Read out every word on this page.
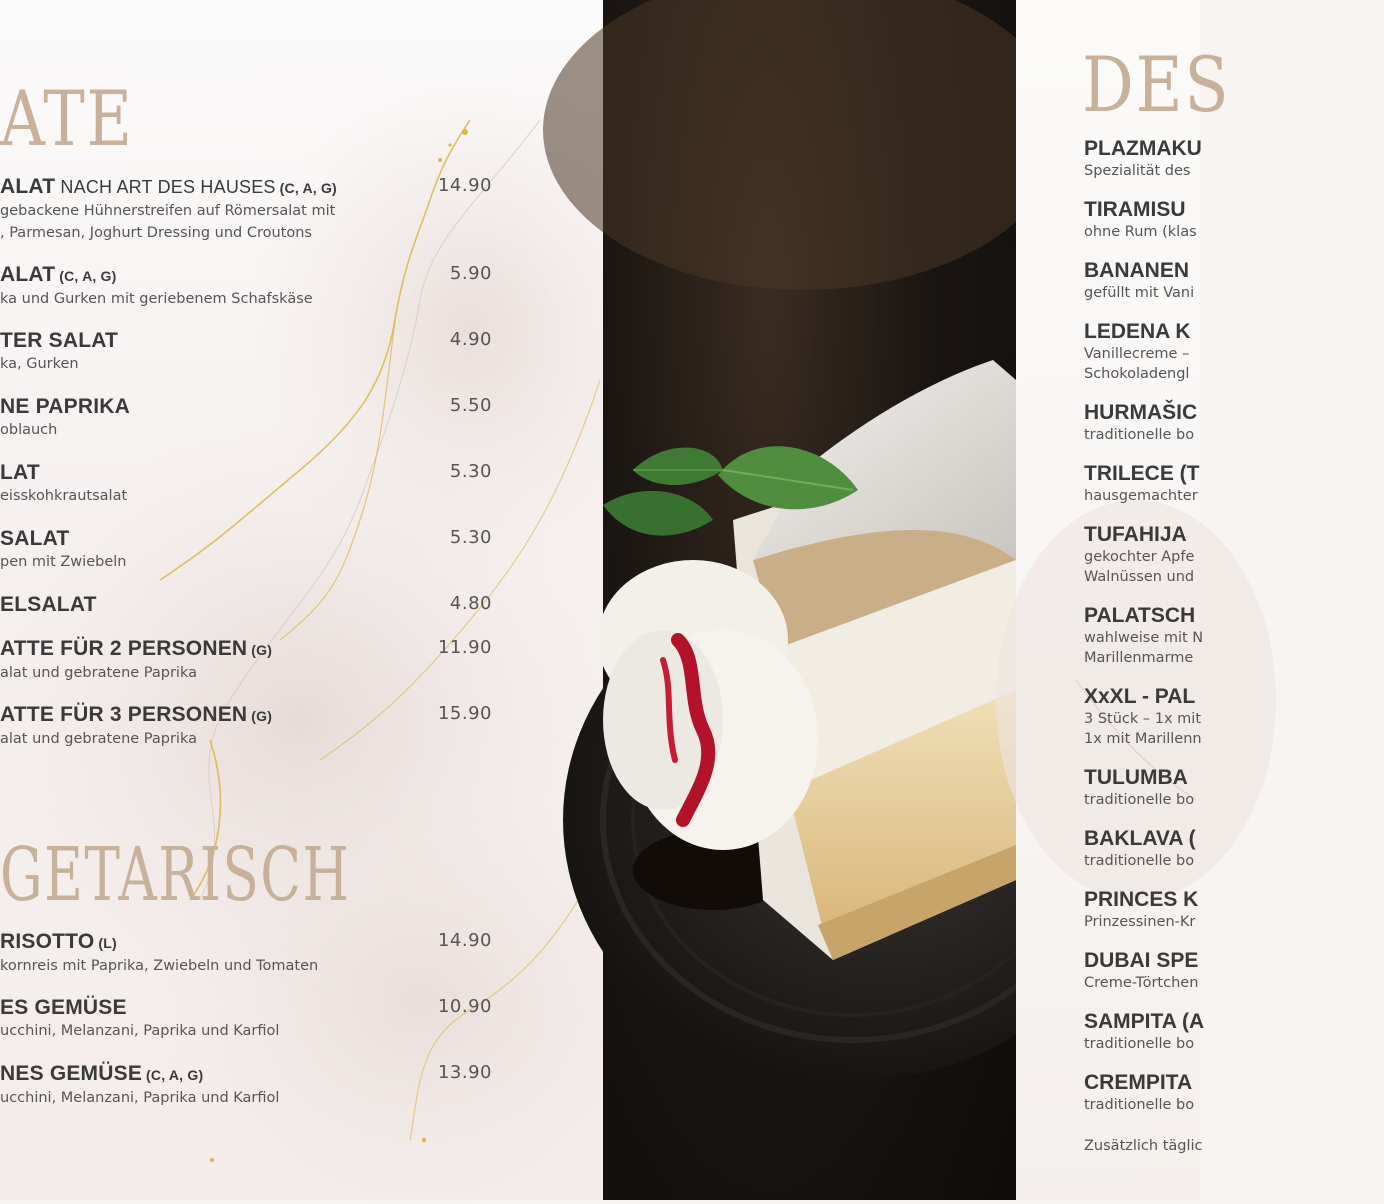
ATE
ALAT NACH ART DES HAUSES (C, A, G)
gebackene Hühnerstreifen auf Römersalat mit
, Parmesan, Joghurt Dressing und Croutons
14.90
ALAT (C, A, G)
ka und Gurken mit geriebenem Schafskäse
5.90
TER SALAT
ka, Gurken
4.90
NE PAPRIKA
oblauch
5.50
LAT
eisskohkrautsalat
5.30
SALAT
pen mit Zwiebeln
5.30
ELSALAT	4.80
ATTE FÜR 2 PERSONEN (G)
alat und gebratene Paprika
11.90
ATTE FÜR 3 PERSONEN (G)
alat und gebratene Paprika
15.90
GETARISCH
RISOTTO (L)
kornreis mit Paprika, Zwiebeln und Tomaten
14.90
ES GEMÜSE
ucchini, Melanzani, Paprika und Karfiol
10.90
NES GEMÜSE (C, A, G)
ucchini, Melanzani, Paprika und Karfiol
13.90
DES
PLAZMAKU
Spezialität des
TIRAMISU
ohne Rum (klas
BANANEN
gefüllt mit Vani
LEDENA K
Vanillecreme –
Schokoladengl
HURMAŠIC
traditionelle bo
TRILECE (T
hausgemachter
TUFAHIJA
gekochter Apfe
Walnüssen und
PALATSCH
wahlweise mit N
Marillenmarme
XxXL - PAL
3 Stück – 1x mit
1x mit Marillenn
TULUMBA
traditionelle bo
BAKLAVA (
traditionelle bo
PRINCES K
Prinzessinen-Kr
DUBAI SPE
Creme-Törtchen
SAMPITA (A
traditionelle bo
CREMPITA
traditionelle bo
Zusätzlich täglic
